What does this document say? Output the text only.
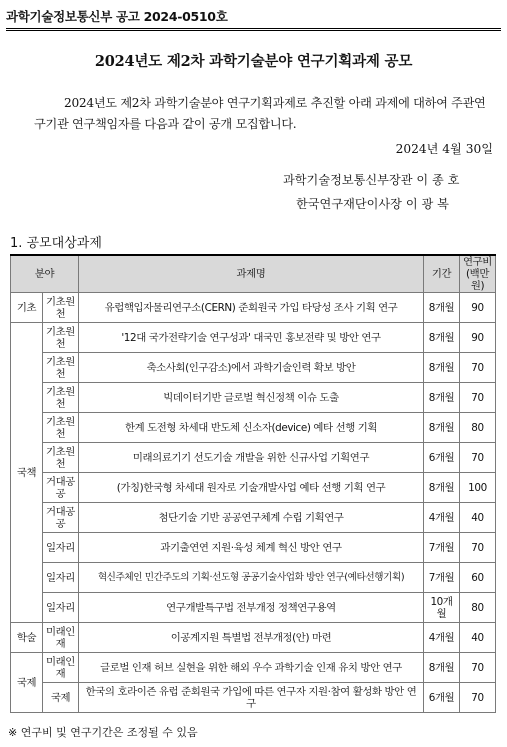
과학기술정보통신부 공고 2024-0510호
2024년도 제2차 과학기술분야 연구기획과제 공모
2024년도 제2차 과학기술분야 연구기획과제로 추진할 아래 과제에 대하여 주관연구기관 연구책임자를 다음과 같이 공개 모집합니다.
2024년 4월 30일
과학기술정보통신부장관 이 종 호
한국연구재단이사장 이 광 복
1. 공모대상과제
분야		과제명	기간	연구비(백만원)
기초	기초원천	유럽핵입자물리연구소(CERN) 준회원국 가입 타당성 조사 기획 연구	8개월	90
국책	기초원천	'12대 국가전략기술 연구성과' 대국민 홍보전략 및 방안 연구	8개월	90
	기초원천	축소사회(인구감소)에서 과학기술인력 확보 방안	8개월	70
	기초원천	빅데이터기반 글로벌 혁신정책 이슈 도출	8개월	70
	기초원천	한계 도전형 차세대 반도체 신소자(device) 예타 선행 기획	8개월	80
	기초원천	미래의료기기 선도기술 개발을 위한 신규사업 기획연구	6개월	70
	거대공공	(가칭)한국형 차세대 원자로 기술개발사업 예타 선행 기획 연구	8개월	100
	거대공공	첨단기술 기반 공공연구체계 수립 기획연구	4개월	40
	일자리	과기출연연 지원·육성 체계 혁신 방안 연구	7개월	70
	일자리	혁신주체인 민간주도의 기획·선도형 공공기술사업화 방안 연구(예타선행기획)	7개월	60
	일자리	연구개발특구법 전부개정 정책연구용역	10개월	80
학술	미래인재	이공계지원 특별법 전부개정(안) 마련	4개월	40
국제	미래인재	글로벌 인재 허브 실현을 위한 해외 우수 과학기술 인재 유치 방안 연구	8개월	70
	국제	한국의 호라이즌 유럽 준회원국 가입에 따른 연구자 지원·참여 활성화 방안 연구	6개월	70
※ 연구비 및 연구기간은 조정될 수 있음
